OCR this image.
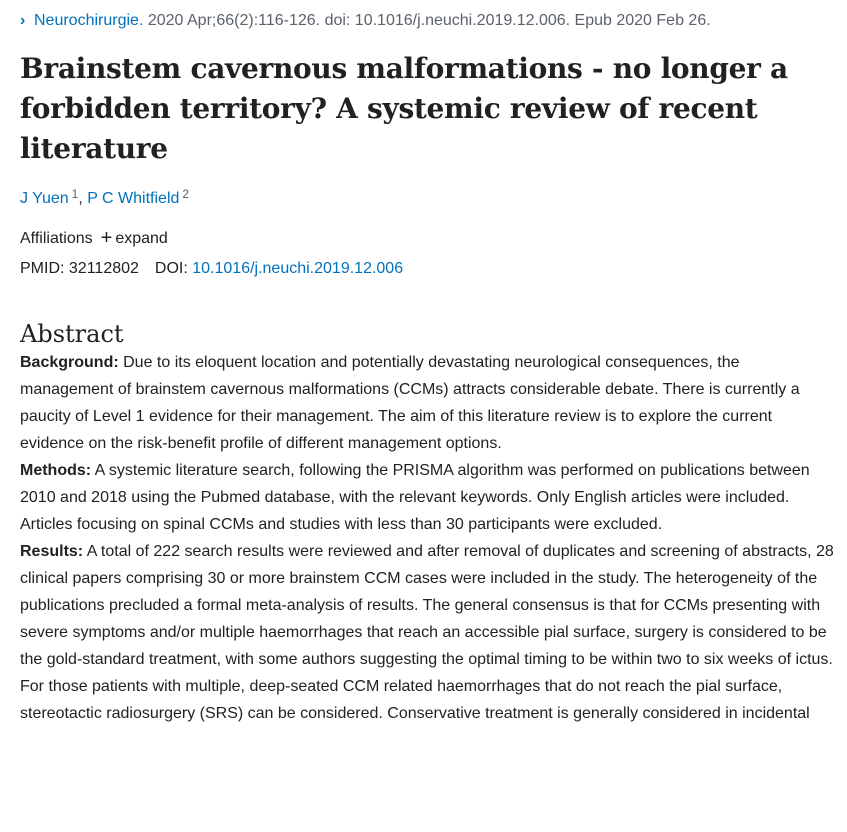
› Neurochirurgie. 2020 Apr;66(2):116-126. doi: 10.1016/j.neuchi.2019.12.006. Epub 2020 Feb 26.
Brainstem cavernous malformations - no longer a forbidden territory? A systemic review of recent literature
J Yuen $^1$, P C Whitfield $^2$
Affiliations + expand
PMID: 32112802 DOI: 10.1016/j.neuchi.2019.12.006
Abstract

Background: Due to its eloquent location and potentially devastating neurological consequences, the management of brainstem cavernous malformations (CCMs) attracts considerable debate. There is currently a paucity of Level 1 evidence for their management. The aim of this literature review is to explore the current evidence on the risk-benefit profile of different management options.

Methods: A systemic literature search, following the PRISMA algorithm was performed on publications between 2010 and 2018 using the Pubmed database, with the relevant keywords. Only English articles were included. Articles focusing on spinal CCMs and studies with less than 30 participants were excluded.

Results: A total of 222 search results were reviewed and after removal of duplicates and screening of abstracts, 28 clinical papers comprising 30 or more brainstem CCM cases were included in the study. The heterogeneity of the publications precluded a formal meta-analysis of results. The general consensus is that for CCMs presenting with severe symptoms and/or multiple haemorrhages that reach an accessible pial surface, surgery is considered to be the gold-standard treatment, with some authors suggesting the optimal timing to be within two to six weeks of ictus. For those patients with multiple, deep-seated CCM related haemorrhages that do not reach the pial surface, stereotactic radiosurgery (SRS) can be considered. Conservative treatment is generally considered in incidental
